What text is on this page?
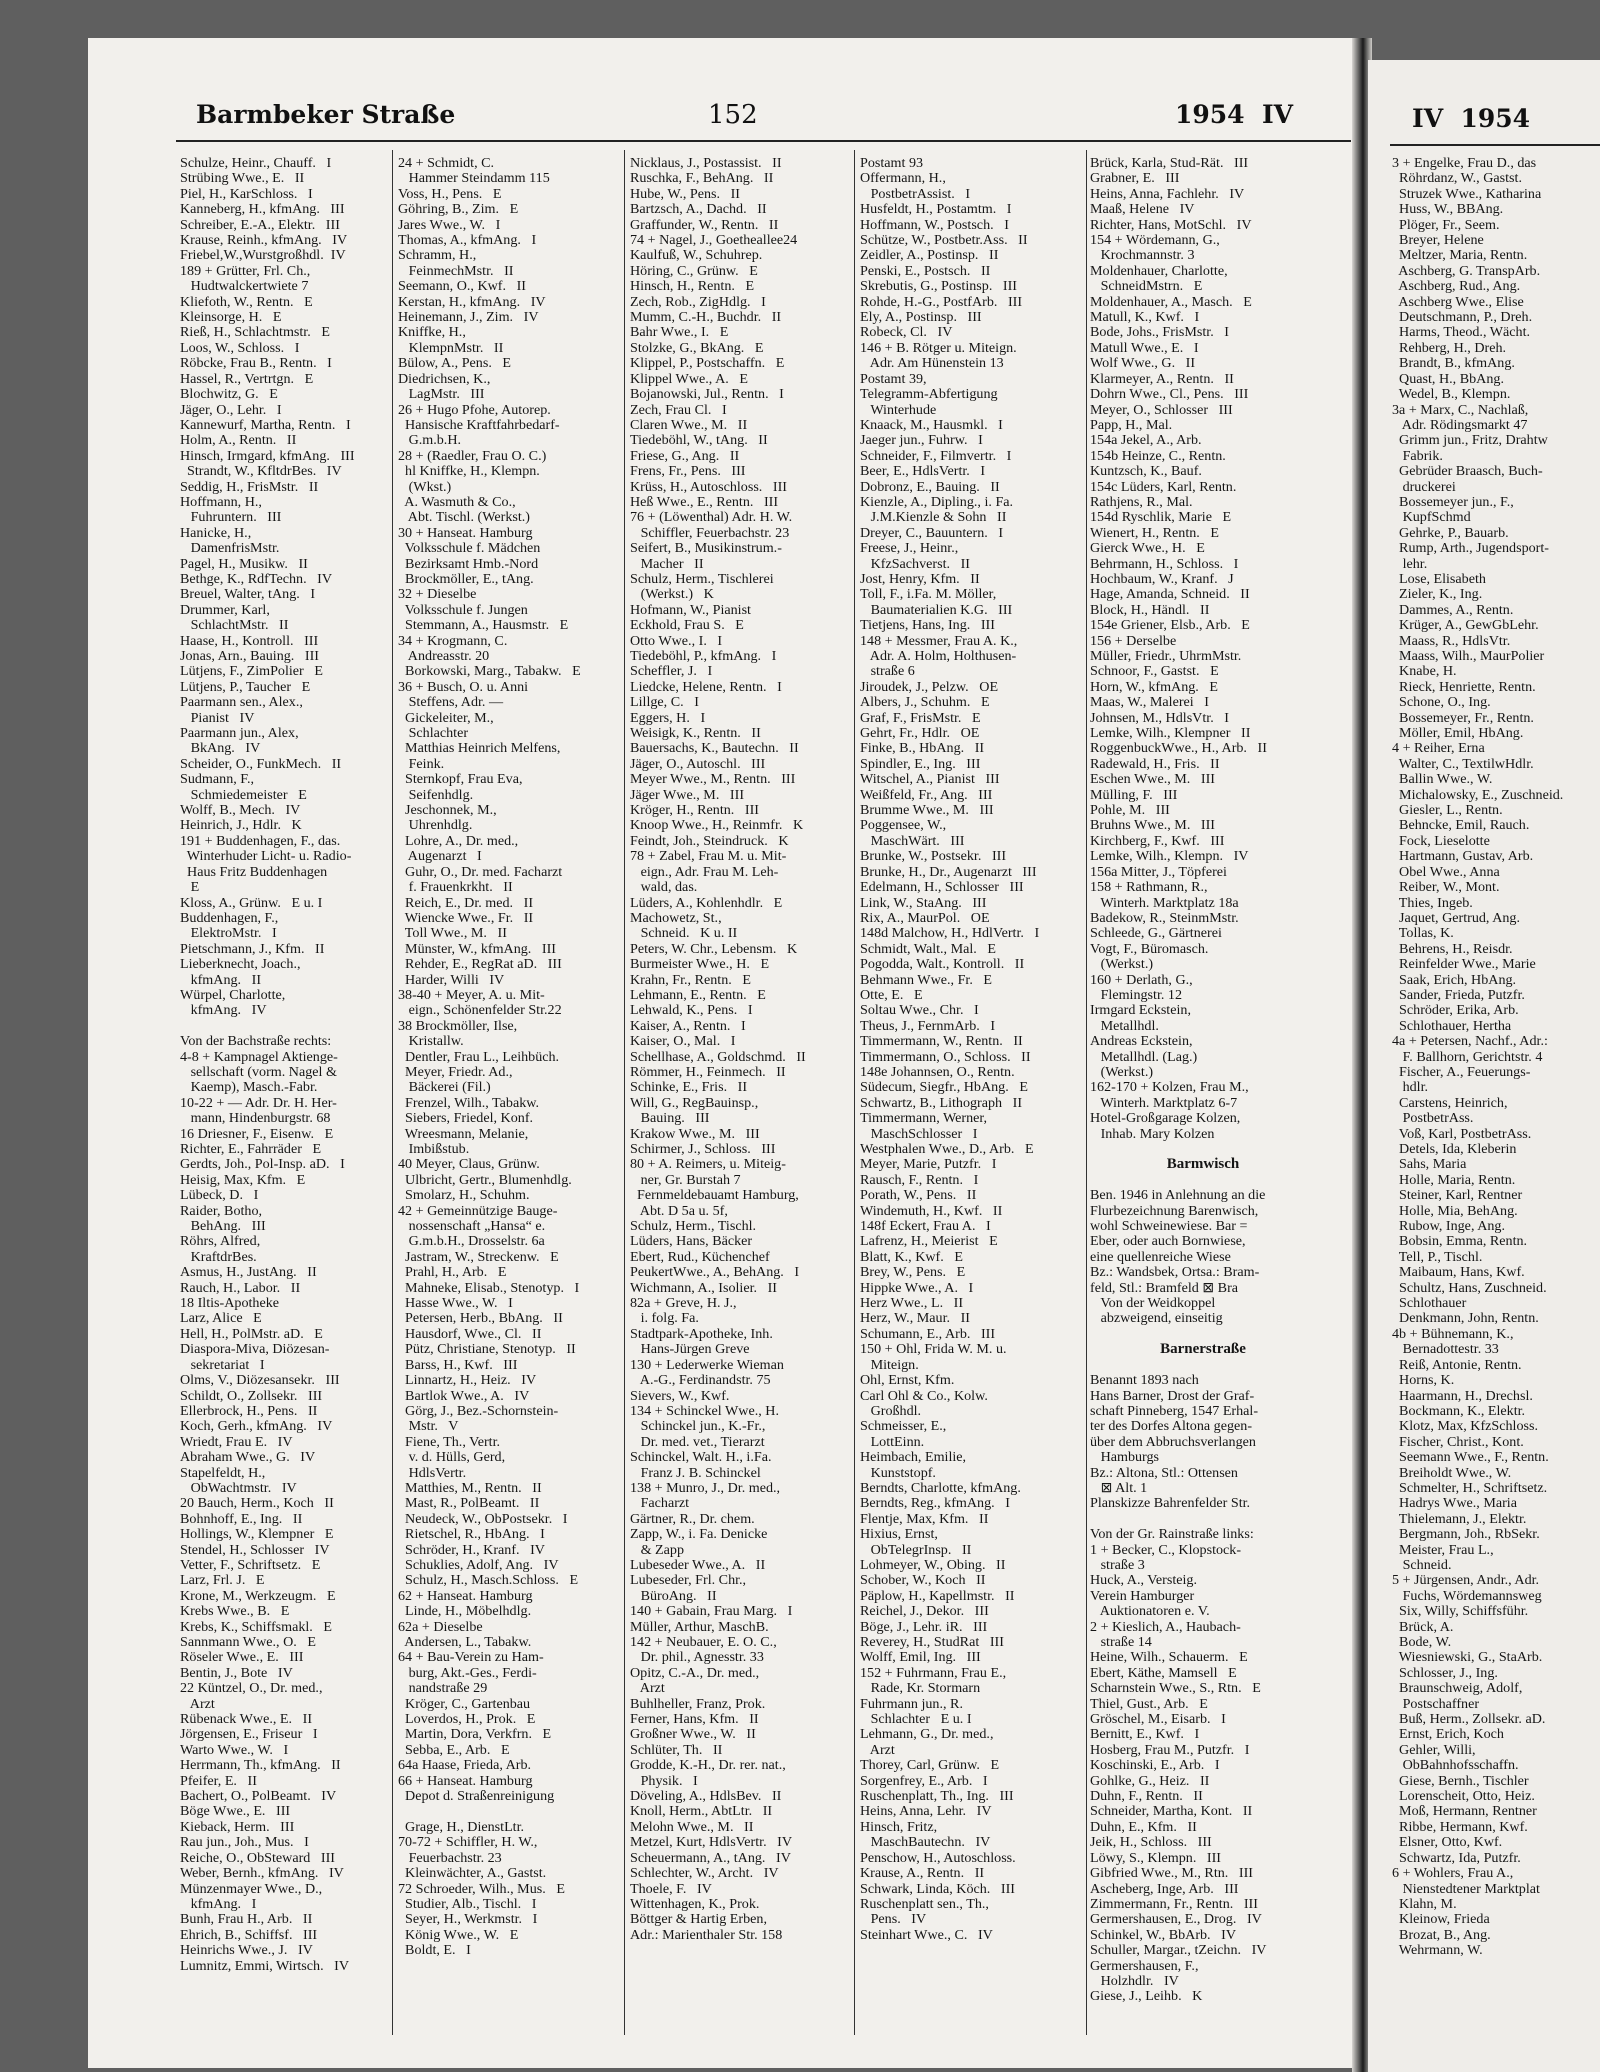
Barmbeker Straße	152	1954  IV	IV  1954
Schulze, Heinr., Chauff.   I
Strübing Wwe., E.   II
Piel, H., KarSchloss.   I
Kanneberg, H., kfmAng.   III
Schreiber, E.-A., Elektr.   III
Krause, Reinh., kfmAng.   IV
Friebel,W.,Wurstgroßhdl.  IV
189 + Grütter, Frl. Ch.,
Hudtwalckertwiete 7
Kliefoth, W., Rentn.   E
Kleinsorge, H.   E
Rieß, H., Schlachtmstr.   E
Loos, W., Schloss.   I
Röbcke, Frau B., Rentn.   I
Hassel, R., Vertrtgn.   E
Blochwitz, G.   E
Jäger, O., Lehr.   I
Kannewurf, Martha, Rentn.   I
Holm, A., Rentn.   II
Hinsch, Irmgard, kfmAng.   III
Strandt, W., KfltdrBes.   IV
Seddig, H., FrisMstr.   II
Hoffmann, H.,
Fuhruntern.   III
Hanicke, H.,
DamenfrisMstr.
Pagel, H., Musikw.   II
Bethge, K., RdfTechn.   IV
Breuel, Walter, tAng.   I
Drummer, Karl,
SchlachtMstr.   II
Haase, H., Kontroll.   III
Jonas, Arn., Bauing.   III
Lütjens, F., ZimPolier   E
Lütjens, P., Taucher   E
Paarmann sen., Alex.,
Pianist   IV
Paarmann jun., Alex,
BkAng.   IV
Scheider, O., FunkMech.   II
Sudmann, F.,
Schmiedemeister   E
Wolff, B., Mech.   IV
Heinrich, J., Hdlr.   K
191 + Buddenhagen, F., das.
Winterhuder Licht- u. Radio-
Haus Fritz Buddenhagen
E
Kloss, A., Grünw.   E u. I
Buddenhagen, F.,
ElektroMstr.   I
Pietschmann, J., Kfm.   II
Lieberknecht, Joach.,
kfmAng.   II
Würpel, Charlotte,
kfmAng.   IV

Von der Bachstraße rechts:
4-8 + Kampnagel Aktienge-
sellschaft (vorm. Nagel &
Kaemp), Masch.-Fabr.
10-22 + — Adr. Dr. H. Her-
mann, Hindenburgstr. 68
16 Driesner, F., Eisenw.   E
Richter, E., Fahrräder   E
Gerdts, Joh., Pol-Insp. aD.   I
Heisig, Max, Kfm.   E
Lübeck, D.   I
Raider, Botho,
BehAng.   III
Röhrs, Alfred,
KraftdrBes.
Asmus, H., JustAng.   II
Rauch, H., Labor.   II
18 Iltis-Apotheke
Larz, Alice   E
Hell, H., PolMstr. aD.   E
Diaspora-Miva, Diözesan-
sekretariat   I
Olms, V., Diözesansekr.   III
Schildt, O., Zollsekr.   III
Ellerbrock, H., Pens.   II
Koch, Gerh., kfmAng.   IV
Wriedt, Frau E.   IV
Abraham Wwe., G.   IV
Stapelfeldt, H.,
ObWachtmstr.   IV
20 Bauch, Herm., Koch   II
Bohnhoff, E., Ing.   II
Hollings, W., Klempner   E
Stendel, H., Schlosser   IV
Vetter, F., Schriftsetz.   E
Larz, Frl. J.   E
Krone, M., Werkzeugm.   E
Krebs Wwe., B.   E
Krebs, K., Schiffsmakl.   E
Sannmann Wwe., O.   E
Röseler Wwe., E.   III
Bentin, J., Bote   IV
22 Küntzel, O., Dr. med.,
Arzt
Rübenack Wwe., E.   II
Jörgensen, E., Friseur   I
Warto Wwe., W.   I
Herrmann, Th., kfmAng.   II
Pfeifer, E.   II
Bachert, O., PolBeamt.   IV
Böge Wwe., E.   III
Kieback, Herm.   III
Rau jun., Joh., Mus.   I
Reiche, O., ObSteward   III
Weber, Bernh., kfmAng.   IV
Münzenmayer Wwe., D.,
kfmAng.   I
Bunh, Frau H., Arb.   II
Ehrich, B., Schiffsf.   III
Heinrichs Wwe., J.   IV
Lumnitz, Emmi, Wirtsch.   IV
24 + Schmidt, C.
Hammer Steindamm 115
Voss, H., Pens.   E
Göhring, B., Zim.   E
Jares Wwe., W.   I
Thomas, A., kfmAng.   I
Schramm, H.,
FeinmechMstr.   II
Seemann, O., Kwf.   II
Kerstan, H., kfmAng.   IV
Heinemann, J., Zim.   IV
Kniffke, H.,
KlempnMstr.   II
Bülow, A., Pens.   E
Diedrichsen, K.,
LagMstr.   III
26 + Hugo Pfohe, Autorep.
Hansische Kraftfahrbedarf-
G.m.b.H.
28 + (Raedler, Frau O. C.)
hl Kniffke, H., Klempn.
(Wkst.)
A. Wasmuth & Co.,
Abt. Tischl. (Werkst.)
30 + Hanseat. Hamburg
Volksschule f. Mädchen
Bezirksamt Hmb.-Nord
Brockmöller, E., tAng.
32 + Dieselbe
Volksschule f. Jungen
Stemmann, A., Hausmstr.   E
34 + Krogmann, C.
Andreasstr. 20
Borkowski, Marg., Tabakw.   E
36 + Busch, O. u. Anni
Steffens, Adr. —
Gickeleiter, M.,
Schlachter
Matthias Heinrich Melfens,
Feink.
Sternkopf, Frau Eva,
Seifenhdlg.
Jeschonnek, M.,
Uhrenhdlg.
Lohre, A., Dr. med.,
Augenarzt   I
Guhr, O., Dr. med. Facharzt
f. Frauenkrkht.   II
Reich, E., Dr. med.   II
Wiencke Wwe., Fr.   II
Toll Wwe., M.   II
Münster, W., kfmAng.   III
Rehder, E., RegRat aD.   III
Harder, Willi   IV
38-40 + Meyer, A. u. Mit-
eign., Schönenfelder Str.22
38 Brockmöller, Ilse,
Kristallw.
Dentler, Frau L., Leihbüch.
Meyer, Friedr. Ad.,
Bäckerei (Fil.)
Frenzel, Wilh., Tabakw.
Siebers, Friedel, Konf.
Wreesmann, Melanie,
Imbißstub.
40 Meyer, Claus, Grünw.
Ulbricht, Gertr., Blumenhdlg.
Smolarz, H., Schuhm.
42 + Gemeinnützige Bauge-
nossenschaft „Hansa“ e.
G.m.b.H., Drosselstr. 6a
Jastram, W., Streckenw.   E
Prahl, H., Arb.   E
Mahneke, Elisab., Stenotyp.   I
Hasse Wwe., W.   I
Petersen, Herb., BbAng.   II
Hausdorf, Wwe., Cl.   II
Pütz, Christiane, Stenotyp.   II
Barss, H., Kwf.   III
Linnartz, H., Heiz.   IV
Bartlok Wwe., A.   IV
Görg, J., Bez.-Schornstein-
Mstr.   V
Fiene, Th., Vertr.
v. d. Hülls, Gerd,
HdlsVertr.
Matthies, M., Rentn.   II
Mast, R., PolBeamt.   II
Neudeck, W., ObPostsekr.   I
Rietschel, R., HbAng.   I
Schröder, H., Kranf.   IV
Schuklies, Adolf, Ang.   IV
Schulz, H., Masch.Schloss.   E
62 + Hanseat. Hamburg
Linde, H., Möbelhdlg.
62a + Dieselbe
Andersen, L., Tabakw.
64 + Bau-Verein zu Ham-
burg, Akt.-Ges., Ferdi-
nandstraße 29
Kröger, C., Gartenbau
Loverdos, H., Prok.   E
Martin, Dora, Verkfrn.   E
Sebba, E., Arb.   E
64a Haase, Frieda, Arb.
66 + Hanseat. Hamburg
Depot d. Straßenreinigung

Grage, H., DienstLtr.
70-72 + Schiffler, H. W.,
Feuerbachstr. 23
Kleinwächter, A., Gastst.
72 Schroeder, Wilh., Mus.   E
Studier, Alb., Tischl.   I
Seyer, H., Werkmstr.   I
König Wwe., W.   E
Boldt, E.   I
Nicklaus, J., Postassist.   II
Ruschka, F., BehAng.   II
Hube, W., Pens.   II
Bartzsch, A., Dachd.   II
Graffunder, W., Rentn.   II
74 + Nagel, J., Goetheallee24
Kaulfuß, W., Schuhrep.
Höring, C., Grünw.   E
Hinsch, H., Rentn.   E
Zech, Rob., ZigHdlg.   I
Mumm, C.-H., Buchdr.   II
Bahr Wwe., I.   E
Stolzke, G., BkAng.   E
Klippel, P., Postschaffn.   E
Klippel Wwe., A.   E
Bojanowski, Jul., Rentn.   I
Zech, Frau Cl.   I
Claren Wwe., M.   II
Tiedeböhl, W., tAng.   II
Friese, G., Ang.   II
Frens, Fr., Pens.   III
Krüss, H., Autoschloss.   III
Heß Wwe., E., Rentn.   III
76 + (Löwenthal) Adr. H. W.
Schiffler, Feuerbachstr. 23
Seifert, B., Musikinstrum.-
Macher   II
Schulz, Herm., Tischlerei
(Werkst.)   K
Hofmann, W., Pianist
Eckhold, Frau S.   E
Otto Wwe., I.   I
Tiedeböhl, P., kfmAng.   I
Scheffler, J.   I
Liedcke, Helene, Rentn.   I
Lillge, C.   I
Eggers, H.   I
Weisigk, K., Rentn.   II
Bauersachs, K., Bautechn.   II
Jäger, O., Autoschl.   III
Meyer Wwe., M., Rentn.   III
Jäger Wwe., M.   III
Kröger, H., Rentn.   III
Knoop Wwe., H., Reinmfr.   K
Feindt, Joh., Steindruck.   K
78 + Zabel, Frau M. u. Mit-
eign., Adr. Frau M. Leh-
wald, das.
Lüders, A., Kohlenhdlr.   E
Machowetz, St.,
Schneid.   K u. II
Peters, W. Chr., Lebensm.   K
Burmeister Wwe., H.   E
Krahn, Fr., Rentn.   E
Lehmann, E., Rentn.   E
Lehwald, K., Pens.   I
Kaiser, A., Rentn.   I
Kaiser, O., Mal.   I
Schellhase, A., Goldschmd.   II
Römmer, H., Feinmech.   II
Schinke, E., Fris.   II
Will, G., RegBauinsp.,
Bauing.   III
Krakow Wwe., M.   III
Schirmer, J., Schloss.   III
80 + A. Reimers, u. Miteig-
ner, Gr. Burstah 7
Fernmeldebauamt Hamburg,
Abt. D 5a u. 5f,
Schulz, Herm., Tischl.
Lüders, Hans, Bäcker
Ebert, Rud., Küchenchef
PeukertWwe., A., BehAng.   I
Wichmann, A., Isolier.   II
82a + Greve, H. J.,
i. folg. Fa.
Stadtpark-Apotheke, Inh.
Hans-Jürgen Greve
130 + Lederwerke Wieman
A.-G., Ferdinandstr. 75
Sievers, W., Kwf.
134 + Schinckel Wwe., H.
Schinckel jun., K.-Fr.,
Dr. med. vet., Tierarzt
Schinckel, Walt. H., i.Fa.
Franz J. B. Schinckel
138 + Munro, J., Dr. med.,
Facharzt
Gärtner, R., Dr. chem.
Zapp, W., i. Fa. Denicke
& Zapp
Lubeseder Wwe., A.   II
Lubeseder, Frl. Chr.,
BüroAng.   II
140 + Gabain, Frau Marg.   I
Müller, Arthur, MaschB.
142 + Neubauer, E. O. C.,
Dr. phil., Agnesstr. 33
Opitz, C.-A., Dr. med.,
Arzt
Buhlheller, Franz, Prok.
Ferner, Hans, Kfm.   II
Großner Wwe., W.   II
Schlüter, Th.   II
Grodde, K.-H., Dr. rer. nat.,
Physik.   I
Döveling, A., HdlsBev.   II
Knoll, Herm., AbtLtr.   II
Melohn Wwe., M.   II
Metzel, Kurt, HdlsVertr.   IV
Scheuermann, A., tAng.   IV
Schlechter, W., Archt.   IV
Thoele, F.   IV
Wittenhagen, K., Prok.
Böttger & Hartig Erben,
Adr.: Marienthaler Str. 158
Postamt 93
Offermann, H.,
PostbetrAssist.   I
Husfeldt, H., Postamtm.   I
Hoffmann, W., Postsch.   I
Schütze, W., Postbetr.Ass.   II
Zeidler, A., Postinsp.   II
Penski, E., Postsch.   II
Skrebutis, G., Postinsp.   III
Rohde, H.-G., PostfArb.   III
Ely, A., Postinsp.   III
Robeck, Cl.   IV
146 + B. Rötger u. Miteign.
Adr. Am Hünenstein 13
Postamt 39,
Telegramm-Abfertigung
Winterhude
Knaack, M., Hausmkl.   I
Jaeger jun., Fuhrw.   I
Schneider, F., Filmvertr.   I
Beer, E., HdlsVertr.   I
Dobronz, E., Bauing.   II
Kienzle, A., Dipling., i. Fa.
J.M.Kienzle & Sohn   II
Dreyer, C., Bauuntern.   I
Freese, J., Heinr.,
KfzSachverst.   II
Jost, Henry, Kfm.   II
Toll, F., i.Fa. M. Möller,
Baumaterialien K.G.   III
Tietjens, Hans, Ing.   III
148 + Messmer, Frau A. K.,
Adr. A. Holm, Holthusen-
straße 6
Jiroudek, J., Pelzw.   OE
Albers, J., Schuhm.   E
Graf, F., FrisMstr.   E
Gehrt, Fr., Hdlr.   OE
Finke, B., HbAng.   II
Spindler, E., Ing.   III
Witschel, A., Pianist   III
Weißfeld, Fr., Ang.   III
Brumme Wwe., M.   III
Poggensee, W.,
MaschWärt.   III
Brunke, W., Postsekr.   III
Brunke, H., Dr., Augenarzt   III
Edelmann, H., Schlosser   III
Link, W., StaAng.   III
Rix, A., MaurPol.   OE
148d Malchow, H., HdlVertr.   I
Schmidt, Walt., Mal.   E
Pogodda, Walt., Kontroll.   II
Behmann Wwe., Fr.   E
Otte, E.   E
Soltau Wwe., Chr.   I
Theus, J., FernmArb.   I
Timmermann, W., Rentn.   II
Timmermann, O., Schloss.   II
148e Johannsen, O., Rentn.
Südecum, Siegfr., HbAng.   E
Schwartz, B., Lithograph   II
Timmermann, Werner,
MaschSchlosser   I
Westphalen Wwe., D., Arb.   E
Meyer, Marie, Putzfr.   I
Rausch, F., Rentn.   I
Porath, W., Pens.   II
Windemuth, H., Kwf.   II
148f Eckert, Frau A.   I
Lafrenz, H., Meierist   E
Blatt, K., Kwf.   E
Brey, W., Pens.   E
Hippke Wwe., A.   I
Herz Wwe., L.   II
Herz, W., Maur.   II
Schumann, E., Arb.   III
150 + Ohl, Frida W. M. u.
Miteign.
Ohl, Ernst, Kfm.
Carl Ohl & Co., Kolw.
Großhdl.
Schmeisser, E.,
LottEinn.
Heimbach, Emilie,
Kunststopf.
Berndts, Charlotte, kfmAng.
Berndts, Reg., kfmAng.   I
Flentje, Max, Kfm.   II
Hixius, Ernst,
ObTelegrInsp.   II
Lohmeyer, W., Obing.   II
Schober, W., Koch   II
Päplow, H., Kapellmstr.   II
Reichel, J., Dekor.   III
Böge, J., Lehr. iR.   III
Reverey, H., StudRat   III
Wolff, Emil, Ing.   III
152 + Fuhrmann, Frau E.,
Rade, Kr. Stormarn
Fuhrmann jun., R.
Schlachter   E u. I
Lehmann, G., Dr. med.,
Arzt
Thorey, Carl, Grünw.   E
Sorgenfrey, E., Arb.   I
Ruschenplatt, Th., Ing.   III
Heins, Anna, Lehr.   IV
Hinsch, Fritz,
MaschBautechn.   IV
Penschow, H., Autoschloss.
Krause, A., Rentn.   II
Schwark, Linda, Köch.   III
Ruschenplatt sen., Th.,
Pens.   IV
Steinhart Wwe., C.   IV
Brück, Karla, Stud-Rät.   III
Grabner, E.   III
Heins, Anna, Fachlehr.   IV
Maaß, Helene   IV
Richter, Hans, MotSchl.   IV
154 + Wördemann, G.,
Krochmannstr. 3
Moldenhauer, Charlotte,
SchneidMstrn.   E
Moldenhauer, A., Masch.   E
Matull, K., Kwf.   I
Bode, Johs., FrisMstr.   I
Matull Wwe., E.   I
Wolf Wwe., G.   II
Klarmeyer, A., Rentn.   II
Dohrn Wwe., Cl., Pens.   III
Meyer, O., Schlosser   III
Papp, H., Mal.
154a Jekel, A., Arb.
154b Heinze, C., Rentn.
Kuntzsch, K., Bauf.
154c Lüders, Karl, Rentn.
Rathjens, R., Mal.
154d Ryschlik, Marie   E
Wienert, H., Rentn.   E
Gierck Wwe., H.   E
Behrmann, H., Schloss.   I
Hochbaum, W., Kranf.   J
Hage, Amanda, Schneid.   II
Block, H., Händl.   II
154e Griener, Elsb., Arb.   E
156 + Derselbe
Müller, Friedr., UhrmMstr.
Schnoor, F., Gastst.   E
Horn, W., kfmAng.   E
Maas, W., Malerei   I
Johnsen, M., HdlsVtr.   I
Lemke, Wilh., Klempner   II
RoggenbuckWwe., H., Arb.   II
Radewald, H., Fris.   II
Eschen Wwe., M.   III
Mülling, F.   III
Pohle, M.   III
Bruhns Wwe., M.   III
Kirchberg, F., Kwf.   III
Lemke, Wilh., Klempn.   IV
156a Mitter, J., Töpferei
158 + Rathmann, R.,
Winterh. Marktplatz 18a
Badekow, R., SteinmMstr.
Schleede, G., Gärtnerei
Vogt, F., Büromasch.
(Werkst.)
160 + Derlath, G.,
Flemingstr. 12
Irmgard Eckstein,
Metallhdl.
Andreas Eckstein,
Metallhdl. (Lag.)
(Werkst.)
162-170 + Kolzen, Frau M.,
Winterh. Marktplatz 6-7
Hotel-Großgarage Kolzen,
Inhab. Mary Kolzen

Barmwisch

Ben. 1946 in Anlehnung an die
Flurbezeichnung Barenwisch,
wohl Schweinewiese. Bar =
Eber, oder auch Bornwiese,
eine quellenreiche Wiese
Bz.: Wandsbek, Ortsa.: Bram-
feld, Stl.: Bramfeld ⊠ Bra
Von der Weidkoppel
abzweigend, einseitig

Barnerstraße

Benannt 1893 nach
Hans Barner, Drost der Graf-
schaft Pinneberg, 1547 Erhal-
ter des Dorfes Altona gegen-
über dem Abbruchsverlangen
Hamburgs
Bz.: Altona, Stl.: Ottensen
⊠ Alt. 1
Planskizze Bahrenfelder Str.

Von der Gr. Rainstraße links:
1 + Becker, C., Klopstock-
straße 3
Huck, A., Versteig.
Verein Hamburger
Auktionatoren e. V.
2 + Kieslich, A., Haubach-
straße 14
Heine, Wilh., Schauerm.   E
Ebert, Käthe, Mamsell   E
Scharnstein Wwe., S., Rtn.   E
Thiel, Gust., Arb.   E
Gröschel, M., Eisarb.   I
Bernitt, E., Kwf.   I
Hosberg, Frau M., Putzfr.   I
Koschinski, E., Arb.   I
Gohlke, G., Heiz.   II
Duhn, F., Rentn.   II
Schneider, Martha, Kont.   II
Duhn, E., Kfm.   II
Jeik, H., Schloss.   III
Löwy, S., Klempn.   III
Gibfried Wwe., M., Rtn.   III
Ascheberg, Inge, Arb.   III
Zimmermann, Fr., Rentn.   III
Germershausen, E., Drog.   IV
Schinkel, W., BbArb.   IV
Schuller, Margar., tZeichn.   IV
Germershausen, F.,
Holzhdlr.   IV
Giese, J., Leihb.   K
3 + Engelke, Frau D., das
Röhrdanz, W., Gastst.
Struzek Wwe., Katharina
Huss, W., BBAng.
Plöger, Fr., Seem.
Breyer, Helene
Meltzer, Maria, Rentn.
Aschberg, G. TranspArb.
Aschberg, Rud., Ang.
Aschberg Wwe., Elise
Deutschmann, P., Dreh.
Harms, Theod., Wächt.
Rehberg, H., Dreh.
Brandt, B., kfmAng.
Quast, H., BbAng.
Wedel, B., Klempn.
3a + Marx, C., Nachlaß,
Adr. Rödingsmarkt 47
Grimm jun., Fritz, Drahtw
Fabrik.
Gebrüder Braasch, Buch-
druckerei
Bossemeyer jun., F.,
KupfSchmd
Gehrke, P., Bauarb.
Rump, Arth., Jugendsport-
lehr.
Lose, Elisabeth
Zieler, K., Ing.
Dammes, A., Rentn.
Krüger, A., GewGbLehr.
Maass, R., HdlsVtr.
Maass, Wilh., MaurPolier
Knabe, H.
Rieck, Henriette, Rentn.
Schone, O., Ing.
Bossemeyer, Fr., Rentn.
Möller, Emil, HbAng.
4 + Reiher, Erna
Walter, C., TextilwHdlr.
Ballin Wwe., W.
Michalowsky, E., Zuschneid.
Giesler, L., Rentn.
Behncke, Emil, Rauch.
Fock, Lieselotte
Hartmann, Gustav, Arb.
Obel Wwe., Anna
Reiber, W., Mont.
Thies, Ingeb.
Jaquet, Gertrud, Ang.
Tollas, K.
Behrens, H., Reisdr.
Reinfelder Wwe., Marie
Saak, Erich, HbAng.
Sander, Frieda, Putzfr.
Schröder, Erika, Arb.
Schlothauer, Hertha
4a + Petersen, Nachf., Adr.:
F. Ballhorn, Gerichtstr. 4
Fischer, A., Feuerungs-
hdlr.
Carstens, Heinrich,
PostbetrAss.
Voß, Karl, PostbetrAss.
Detels, Ida, Kleberin
Sahs, Maria
Holle, Maria, Rentn.
Steiner, Karl, Rentner
Holle, Mia, BehAng.
Rubow, Inge, Ang.
Bobsin, Emma, Rentn.
Tell, P., Tischl.
Maibaum, Hans, Kwf.
Schultz, Hans, Zuschneid.
Schlothauer
Denkmann, John, Rentn.
4b + Bühnemann, K.,
Bernadottestr. 33
Reiß, Antonie, Rentn.
Horns, K.
Haarmann, H., Drechsl.
Bockmann, K., Elektr.
Klotz, Max, KfzSchloss.
Fischer, Christ., Kont.
Seemann Wwe., F., Rentn.
Breiholdt Wwe., W.
Schmelter, H., Schriftsetz.
Hadrys Wwe., Maria
Thielemann, J., Elektr.
Bergmann, Joh., RbSekr.
Meister, Frau L.,
Schneid.
5 + Jürgensen, Andr., Adr.
Fuchs, Wördemannsweg
Six, Willy, Schiffsführ.
Brück, A.
Bode, W.
Wiesniewski, G., StaArb.
Schlosser, J., Ing.
Braunschweig, Adolf,
Postschaffner
Buß, Herm., Zollsekr. aD.
Ernst, Erich, Koch
Gehler, Willi,
ObBahnhofsschaffn.
Giese, Bernh., Tischler
Lorenscheit, Otto, Heiz.
Moß, Hermann, Rentner
Ribbe, Hermann, Kwf.
Elsner, Otto, Kwf.
Schwartz, Ida, Putzfr.
6 + Wohlers, Frau A.,
Nienstedtener Marktplat
Klahn, M.
Kleinow, Frieda
Brozat, B., Ang.
Wehrmann, W.
